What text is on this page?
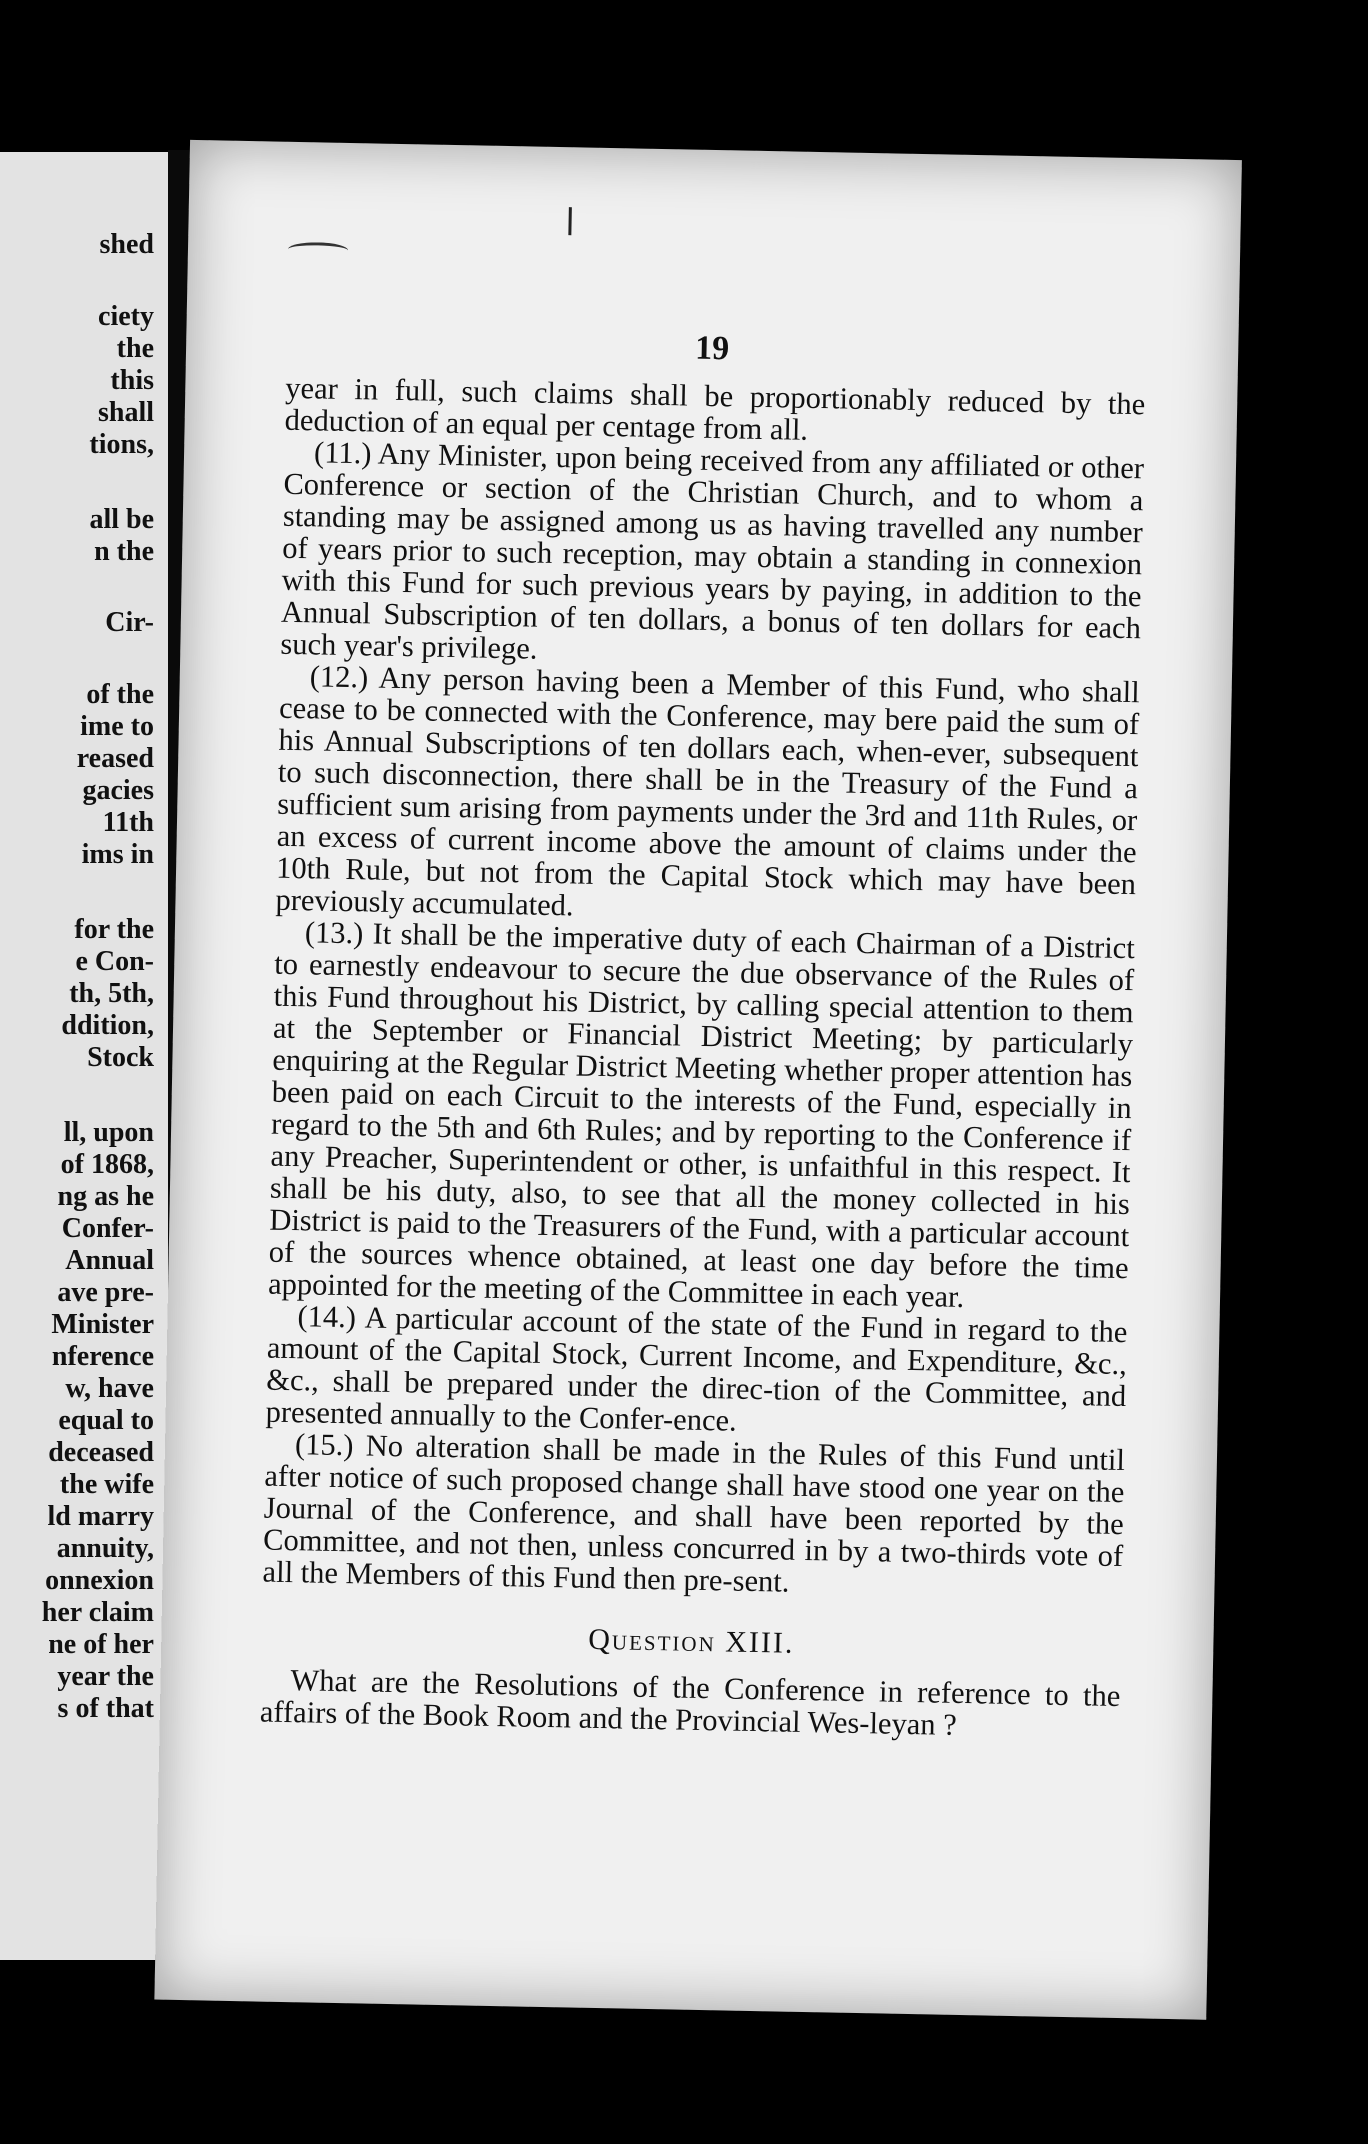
shed
ciety
the
this
shall
tions,
all be
n the
Cir-
of the
ime to
reased
gacies
11th
ims in
for the
e Con-
th, 5th,
ddition,
Stock
ll, upon
of 1868,
ng as he
Confer-
Annual
ave pre-
Minister
nference
w, have
equal to
deceased
the wife
ld marry
annuity,
onnexion
her claim
ne of her
year the
s of that
19

year in full, such claims shall be proportionably reduced by the deduction of an equal per centage from all.

(11.) Any Minister, upon being received from any affiliated or other Conference or section of the Christian Church, and to whom a standing may be assigned among us as having travelled any number of years prior to such reception, may obtain a standing in connexion with this Fund for such previous years by paying, in addition to the Annual Subscription of ten dollars, a bonus of ten dollars for each such year's privilege.

(12.) Any person having been a Member of this Fund, who shall cease to be connected with the Conference, may bere paid the sum of his Annual Subscriptions of ten dollars each, when-ever, subsequent to such disconnection, there shall be in the Treasury of the Fund a sufficient sum arising from payments under the 3rd and 11th Rules, or an excess of current income above the amount of claims under the 10th Rule, but not from the Capital Stock which may have been previously accumulated.

(13.) It shall be the imperative duty of each Chairman of a District to earnestly endeavour to secure the due observance of the Rules of this Fund throughout his District, by calling special attention to them at the September or Financial District Meeting; by particularly enquiring at the Regular District Meeting whether proper attention has been paid on each Circuit to the interests of the Fund, especially in regard to the 5th and 6th Rules; and by reporting to the Conference if any Preacher, Superintendent or other, is unfaithful in this respect. It shall be his duty, also, to see that all the money collected in his District is paid to the Treasurers of the Fund, with a particular account of the sources whence obtained, at least one day before the time appointed for the meeting of the Committee in each year.

(14.) A particular account of the state of the Fund in regard to the amount of the Capital Stock, Current Income, and Expenditure, &c., &c., shall be prepared under the direc-tion of the Committee, and presented annually to the Confer-ence.

(15.) No alteration shall be made in the Rules of this Fund until after notice of such proposed change shall have stood one year on the Journal of the Conference, and shall have been reported by the Committee, and not then, unless concurred in by a two-thirds vote of all the Members of this Fund then pre-sent.

Question XIII.

What are the Resolutions of the Conference in reference to the affairs of the Book Room and the Provincial Wes-leyan ?
